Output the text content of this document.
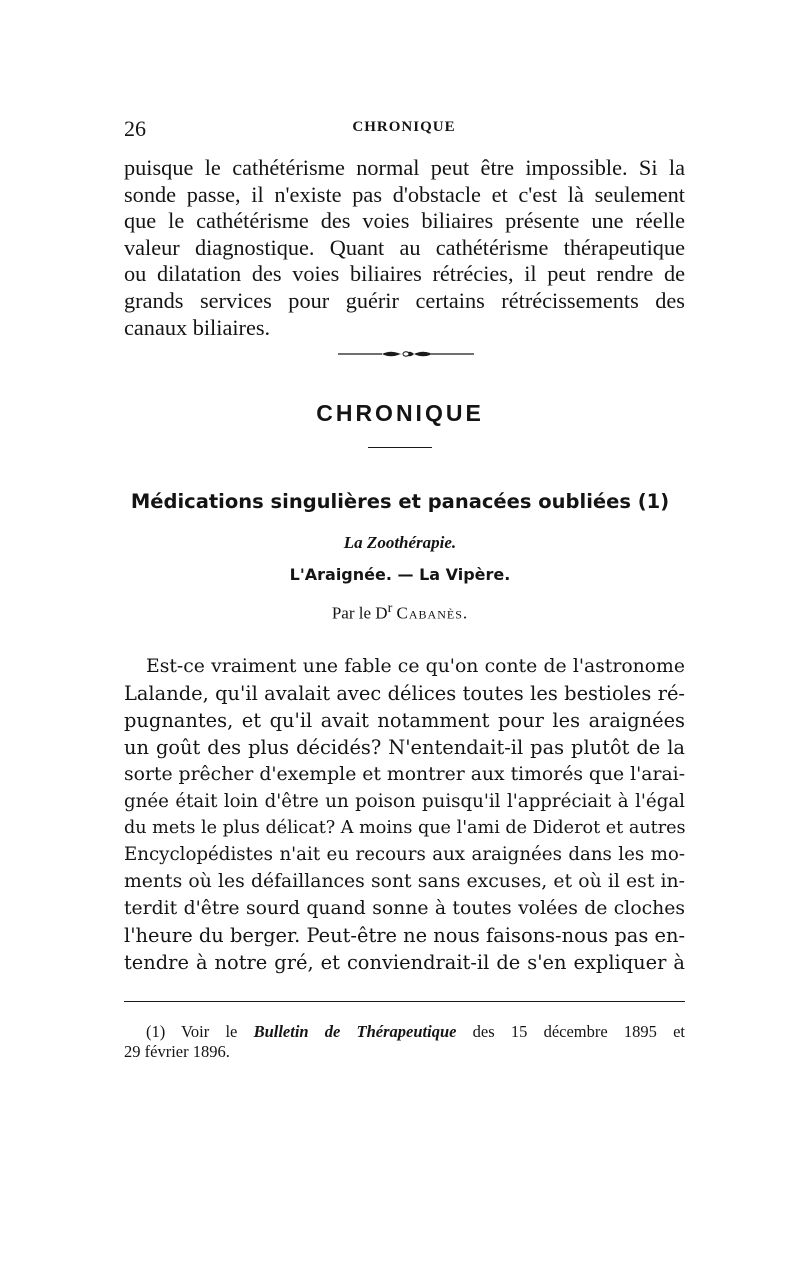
26	CHRONIQUE

puisque le cathétérisme normal peut être impossible. Si la
sonde passe, il n'existe pas d'obstacle et c'est là seulement
que le cathétérisme des voies biliaires présente une réelle
valeur diagnostique. Quant au cathétérisme thérapeutique
ou dilatation des voies biliaires rétrécies, il peut rendre de
grands services pour guérir certains rétrécissements des
canaux biliaires.

CHRONIQUE
Médications singulières et panacées oubliées (1)
La Zoothérapie.
L'Araignée. — La Vipère.
Par le $D^r$ Cabanès.

Est-ce vraiment une fable ce qu'on conte de l'astronome
Lalande, qu'il avalait avec délices toutes les bestioles ré-
pugnantes, et qu'il avait notamment pour les araignées
un goût des plus décidés? N'entendait-il pas plutôt de la
sorte prêcher d'exemple et montrer aux timorés que l'arai-
gnée était loin d'être un poison puisqu'il l'appréciait à l'égal
du mets le plus délicat? A moins que l'ami de Diderot et autres
Encyclopédistes n'ait eu recours aux araignées dans les mo-
ments où les défaillances sont sans excuses, et où il est in-
terdit d'être sourd quand sonne à toutes volées de cloches
l'heure du berger. Peut-être ne nous faisons-nous pas en-
tendre à notre gré, et conviendrait-il de s'en expliquer à

(1) Voir le Bulletin de Thérapeutique des 15 décembre 1895 et
29 février 1896.
